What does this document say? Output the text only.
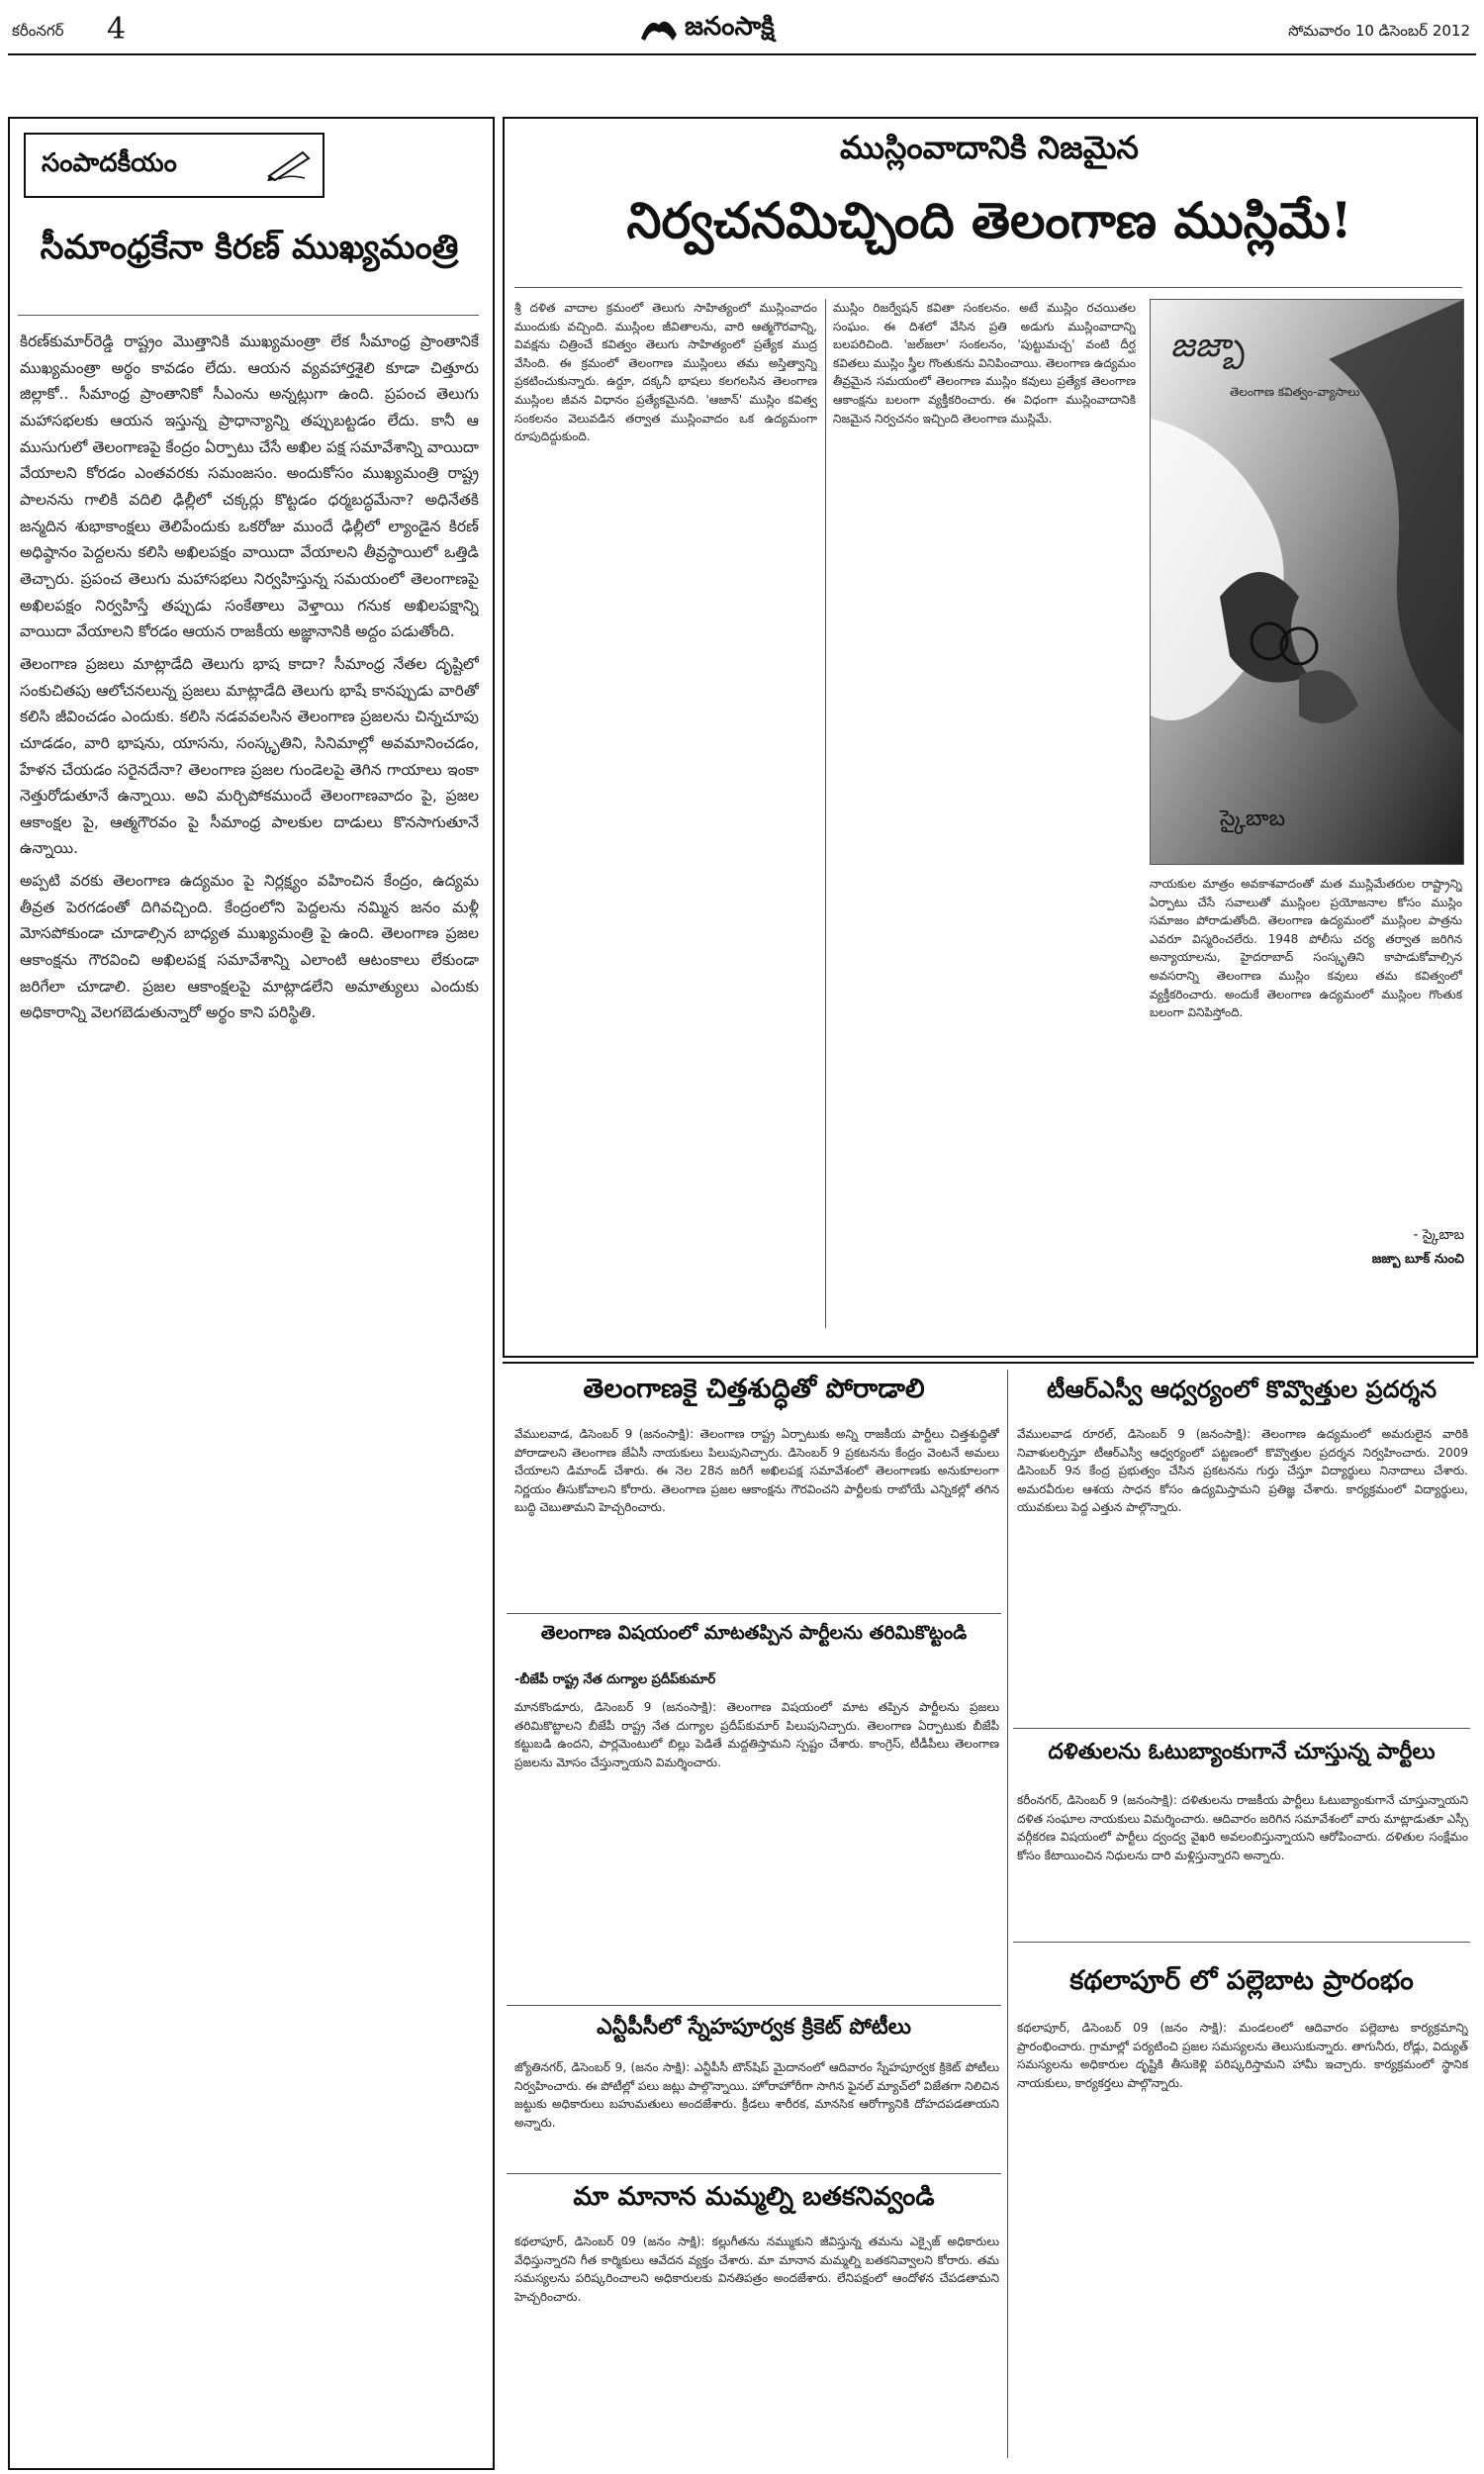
కరీంనగర్ 4	జనంసాక్షి	సోమవారం 10 డిసెంబర్ 2012
సంపాదకీయం
సీమాంధ్రకేనా కిరణ్‌ ముఖ్యమంత్రి

కిరణ్‌కుమార్‌రెడ్డి రాష్ట్రం మొత్తానికి ముఖ్యమంత్రా లేక సీమాంధ్ర ప్రాంతానికే ముఖ్యమంత్రా అర్థం కావడం లేదు. ఆయన వ్యవహార్తశైలి కూడా చిత్తూరు జిల్లాకో.. సీమాంధ్ర ప్రాంతానికో సీఎంను అన్నట్లుగా ఉంది. ప్రపంచ తెలుగు మహాసభలకు ఆయన ఇస్తున్న ప్రాధాన్యాన్ని తప్పుబట్టడం లేదు. కానీ ఆ ముసుగులో తెలంగాణపై కేంద్రం ఏర్పాటు చేసే అఖిల పక్ష సమావేశాన్ని వాయిదా వేయాలని కోరడం ఎంతవరకు సమంజసం. అందుకోసం ముఖ్యమంత్రి రాష్ట్ర పాలనను గాలికి వదిలి ఢిల్లీలో చక్కర్లు కొట్టడం ధర్మబద్ధమేనా? అధినేతకి జన్మదిన శుభాకాంక్షలు తెలిపేందుకు ఒకరోజు ముందే ఢిల్లీలో ల్యాండైన కిరణ్‌ అధిష్ఠానం పెద్దలను కలిసి అఖిలపక్షం వాయిదా వేయాలని తీవ్రస్థాయిలో ఒత్తిడి తెచ్చారు. ప్రపంచ తెలుగు మహాసభలు నిర్వహిస్తున్న సమయంలో తెలంగాణపై అఖిలపక్షం నిర్వహిస్తే తప్పుడు సంకేతాలు వెళ్తాయి గనుక అఖిలపక్షాన్ని వాయిదా వేయాలని కోరడం ఆయన రాజకీయ అజ్ఞానానికి అద్దం పడుతోంది.

తెలంగాణ ప్రజలు మాట్లాడేది తెలుగు భాష కాదా? సీమాంధ్ర నేతల దృష్టిలో సంకుచితపు ఆలోచనలున్న ప్రజలు మాట్లాడేది తెలుగు భాషే కానప్పుడు వారితో కలిసి జీవించడం ఎందుకు. కలిసి నడవవలసిన తెలంగాణ ప్రజలను చిన్నచూపు చూడడం, వారి భాషను, యాసను, సంస్కృతిని, సినిమాల్లో అవమానించడం, హేళన చేయడం సరైనదేనా? తెలంగాణ ప్రజల గుండెలపై తెగిన గాయాలు ఇంకా నెత్తురోడుతూనే ఉన్నాయి. అవి మర్చిపోకముందే తెలంగాణవాదం పై, ప్రజల ఆకాంక్షల పై, ఆత్మగౌరవం పై సీమాంధ్ర పాలకుల దాడులు కొనసాగుతూనే ఉన్నాయి.

అప్పటి వరకు తెలంగాణ ఉద్యమం పై నిర్లక్ష్యం వహించిన కేంద్రం, ఉద్యమ తీవ్రత పెరగడంతో దిగివచ్చింది. కేంద్రంలోని పెద్దలను నమ్మిన జనం మళ్లీ మోసపోకుండా చూడాల్సిన బాధ్యత ముఖ్యమంత్రి పై ఉంది. తెలంగాణ ప్రజల ఆకాంక్షను గౌరవించి అఖిలపక్ష సమావేశాన్ని ఎలాంటి ఆటంకాలు లేకుండా జరిగేలా చూడాలి. ప్రజల ఆకాంక్షలపై మాట్లాడలేని అమాత్యులు ఎందుకు అధికారాన్ని వెలగబెడుతున్నారో అర్థం కాని పరిస్థితి.

ముస్లింవాదానికి నిజమైన
నిర్వచనమిచ్చింది తెలంగాణ ముస్లిమే!
శ్రీ దళిత వాదాల క్రమంలో తెలుగు సాహిత్యంలో ముస్లింవాదం ముందుకు వచ్చింది. ముస్లింల జీవితాలను, వారి ఆత్మగౌరవాన్ని, వివక్షను చిత్రించే కవిత్వం తెలుగు సాహిత్యంలో ప్రత్యేక ముద్ర వేసింది. ఈ క్రమంలో తెలంగాణ ముస్లింలు తమ అస్తిత్వాన్ని ప్రకటించుకున్నారు. ఉర్దూ, దక్కనీ భాషలు కలగలసిన తెలంగాణ ముస్లింల జీవన విధానం ప్రత్యేకమైనది. 'ఆజాన్‌' ముస్లిం కవిత్వ సంకలనం వెలువడిన తర్వాత ముస్లింవాదం ఒక ఉద్యమంగా రూపుదిద్దుకుంది.
ముస్లిం రిజర్వేషన్‌ కవితా సంకలనం. అటే ముస్లిం రచయితల సంఘం. ఈ దిశలో వేసిన ప్రతి అడుగు ముస్లింవాదాన్ని బలపరిచింది. 'జల్‌జలా' సంకలనం, 'పుట్టుమచ్చ' వంటి దీర్ఘ కవితలు ముస్లిం స్త్రీల గొంతుకను వినిపించాయి. తెలంగాణ ఉద్యమం తీవ్రమైన సమయంలో తెలంగాణ ముస్లిం కవులు ప్రత్యేక తెలంగాణ ఆకాంక్షను బలంగా వ్యక్తీకరించారు. ఈ విధంగా ముస్లింవాదానికి నిజమైన నిర్వచనం ఇచ్చింది తెలంగాణ ముస్లిమే.
జజ్బా
తెలంగాణ కవిత్వం-వ్యాసాలు
స్కైబాబ
నాయకుల మాత్రం అవకాశవాదంతో మత ముస్లిమేతరుల రాష్ట్రాన్ని ఏర్పాటు చేసే సవాలుతో ముస్లింల ప్రయోజనాల కోసం ముస్లిం సమాజం పోరాడుతోంది. తెలంగాణ ఉద్యమంలో ముస్లింల పాత్రను ఎవరూ విస్మరించలేరు. 1948 పోలీసు చర్య తర్వాత జరిగిన అన్యాయాలను, హైదరాబాద్‌ సంస్కృతిని కాపాడుకోవాల్సిన అవసరాన్ని తెలంగాణ ముస్లిం కవులు తమ కవిత్వంలో వ్యక్తీకరించారు. అందుకే తెలంగాణ ఉద్యమంలో ముస్లింల గొంతుక బలంగా వినిపిస్తోంది.
- స్కైబాబ
జజ్బా బూక్‌ నుంచి
తెలంగాణకై చిత్తశుద్ధితో పోరాడాలి
వేములవాడ, డిసెంబర్‌ 9 (జనంసాక్షి): తెలంగాణ రాష్ట్ర ఏర్పాటుకు అన్ని రాజకీయ పార్టీలు చిత్తశుద్ధితో పోరాడాలని తెలంగాణ జేఏసీ నాయకులు పిలుపునిచ్చారు. డిసెంబర్‌ 9 ప్రకటనను కేంద్రం వెంటనే అమలు చేయాలని డిమాండ్‌ చేశారు. ఈ నెల 28న జరిగే అఖిలపక్ష సమావేశంలో తెలంగాణకు అనుకూలంగా నిర్ణయం తీసుకోవాలని కోరారు. తెలంగాణ ప్రజల ఆకాంక్షను గౌరవించని పార్టీలకు రాబోయే ఎన్నికల్లో తగిన బుద్ధి చెబుతామని హెచ్చరించారు.
టీఆర్‌ఎస్వీ ఆధ్వర్యంలో కొవ్వొత్తుల ప్రదర్శన
వేములవాడ రూరల్‌, డిసెంబర్‌ 9 (జనంసాక్షి): తెలంగాణ ఉద్యమంలో అమరులైన వారికి నివాళులర్పిస్తూ టీఆర్‌ఎస్వీ ఆధ్వర్యంలో పట్టణంలో కొవ్వొత్తుల ప్రదర్శన నిర్వహించారు. 2009 డిసెంబర్‌ 9న కేంద్ర ప్రభుత్వం చేసిన ప్రకటనను గుర్తు చేస్తూ విద్యార్థులు నినాదాలు చేశారు. అమరవీరుల ఆశయ సాధన కోసం ఉద్యమిస్తామని ప్రతిజ్ఞ చేశారు. కార్యక్రమంలో విద్యార్థులు, యువకులు పెద్ద ఎత్తున పాల్గొన్నారు.
తెలంగాణ విషయంలో మాటతప్పిన పార్టీలను తరిమికొట్టండి
-బీజేపీ రాష్ట్ర నేత దుగ్యాల ప్రదీప్‌కుమార్‌
మానకొండూరు, డిసెంబర్‌ 9 (జనంసాక్షి): తెలంగాణ విషయంలో మాట తప్పిన పార్టీలను ప్రజలు తరిమికొట్టాలని బీజేపీ రాష్ట్ర నేత దుగ్యాల ప్రదీప్‌కుమార్‌ పిలుపునిచ్చారు. తెలంగాణ ఏర్పాటుకు బీజేపీ కట్టుబడి ఉందని, పార్లమెంటులో బిల్లు పెడితే మద్దతిస్తామని స్పష్టం చేశారు. కాంగ్రెస్‌, టీడీపీలు తెలంగాణ ప్రజలను మోసం చేస్తున్నాయని విమర్శించారు.	దళితులను ఓటుబ్యాంకుగానే చూస్తున్న పార్టీలు
కరీంనగర్‌, డిసెంబర్‌ 9 (జనంసాక్షి): దళితులను రాజకీయ పార్టీలు ఓటుబ్యాంకుగానే చూస్తున్నాయని దళిత సంఘాల నాయకులు విమర్శించారు. ఆదివారం జరిగిన సమావేశంలో వారు మాట్లాడుతూ ఎస్సీ వర్గీకరణ విషయంలో పార్టీలు ద్వంద్వ వైఖరి అవలంబిస్తున్నాయని ఆరోపించారు. దళితుల సంక్షేమం కోసం కేటాయించిన నిధులను దారి మళ్లిస్తున్నారని అన్నారు.
ఎన్టీపీసీలో స్నేహపూర్వక క్రికెట్‌ పోటీలు
జ్యోతినగర్‌, డిసెంబర్‌ 9, (జనం సాక్షి): ఎన్టీపీసీ టౌన్‌షిప్‌ మైదానంలో ఆదివారం స్నేహపూర్వక క్రికెట్‌ పోటీలు నిర్వహించారు. ఈ పోటీల్లో పలు జట్లు పాల్గొన్నాయి. హోరాహోరీగా సాగిన ఫైనల్‌ మ్యాచ్‌లో విజేతగా నిలిచిన జట్టుకు అధికారులు బహుమతులు అందజేశారు. క్రీడలు శారీరక, మానసిక ఆరోగ్యానికి దోహదపడతాయని అన్నారు.
కథలాపూర్‌ లో పల్లెబాట ప్రారంభం
కథలాపూర్‌, డిసెంబర్‌ 09 (జనం సాక్షి): మండలంలో ఆదివారం పల్లెబాట కార్యక్రమాన్ని ప్రారంభించారు. గ్రామాల్లో పర్యటించి ప్రజల సమస్యలను తెలుసుకున్నారు. తాగునీరు, రోడ్లు, విద్యుత్‌ సమస్యలను అధికారుల దృష్టికి తీసుకెళ్లి పరిష్కరిస్తామని హామీ ఇచ్చారు. కార్యక్రమంలో స్థానిక నాయకులు, కార్యకర్తలు పాల్గొన్నారు.
మా మానాన మమ్మల్ని బతకనివ్వండి
కథలాపూర్‌, డిసెంబర్‌ 09 (జనం సాక్షి): కల్లుగీతను నమ్ముకుని జీవిస్తున్న తమను ఎక్సైజ్‌ అధికారులు వేధిస్తున్నారని గీత కార్మికులు ఆవేదన వ్యక్తం చేశారు. మా మానాన మమ్మల్ని బతకనివ్వాలని కోరారు. తమ సమస్యలను పరిష్కరించాలని అధికారులకు వినతిపత్రం అందజేశారు. లేనిపక్షంలో ఆందోళన చేపడతామని హెచ్చరించారు.
